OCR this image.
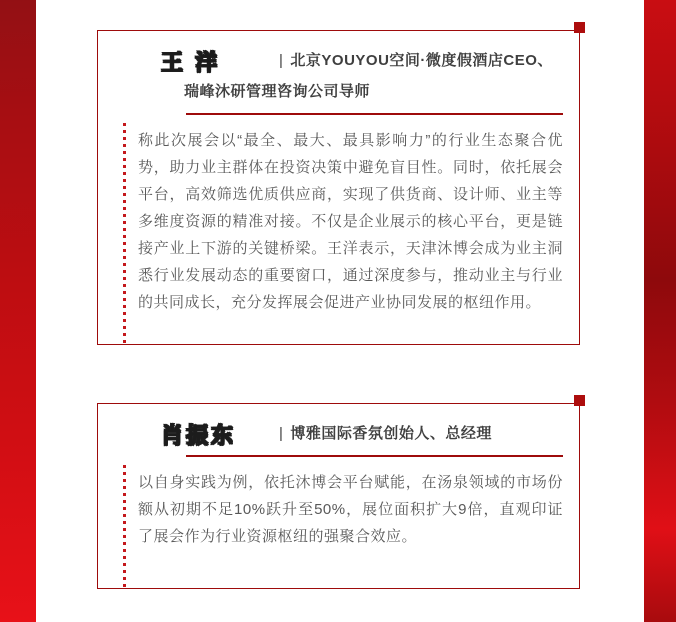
王 洋	| 北京YOUYOU空间·微度假酒店CEO、瑞峰沐研管理咨询公司导师

称此次展会以“最全、最大、最具影响力”的行业生态聚合优势，助力业主群体在投资决策中避免盲目性。同时，依托展会平台，高效筛选优质供应商，实现了供货商、设计师、业主等多维度资源的精准对接。不仅是企业展示的核心平台，更是链接产业上下游的关键桥梁。王洋表示，天津沐博会成为业主洞悉行业发展动态的重要窗口，通过深度参与，推动业主与行业的共同成长，充分发挥展会促进产业协同发展的枢纽作用。

肖振东	| 博雅国际香氛创始人、总经理

以自身实践为例，依托沐博会平台赋能，在汤泉领域的市场份额从初期不足10%跃升至50%，展位面积扩大9倍，直观印证了展会作为行业资源枢纽的强聚合效应。
